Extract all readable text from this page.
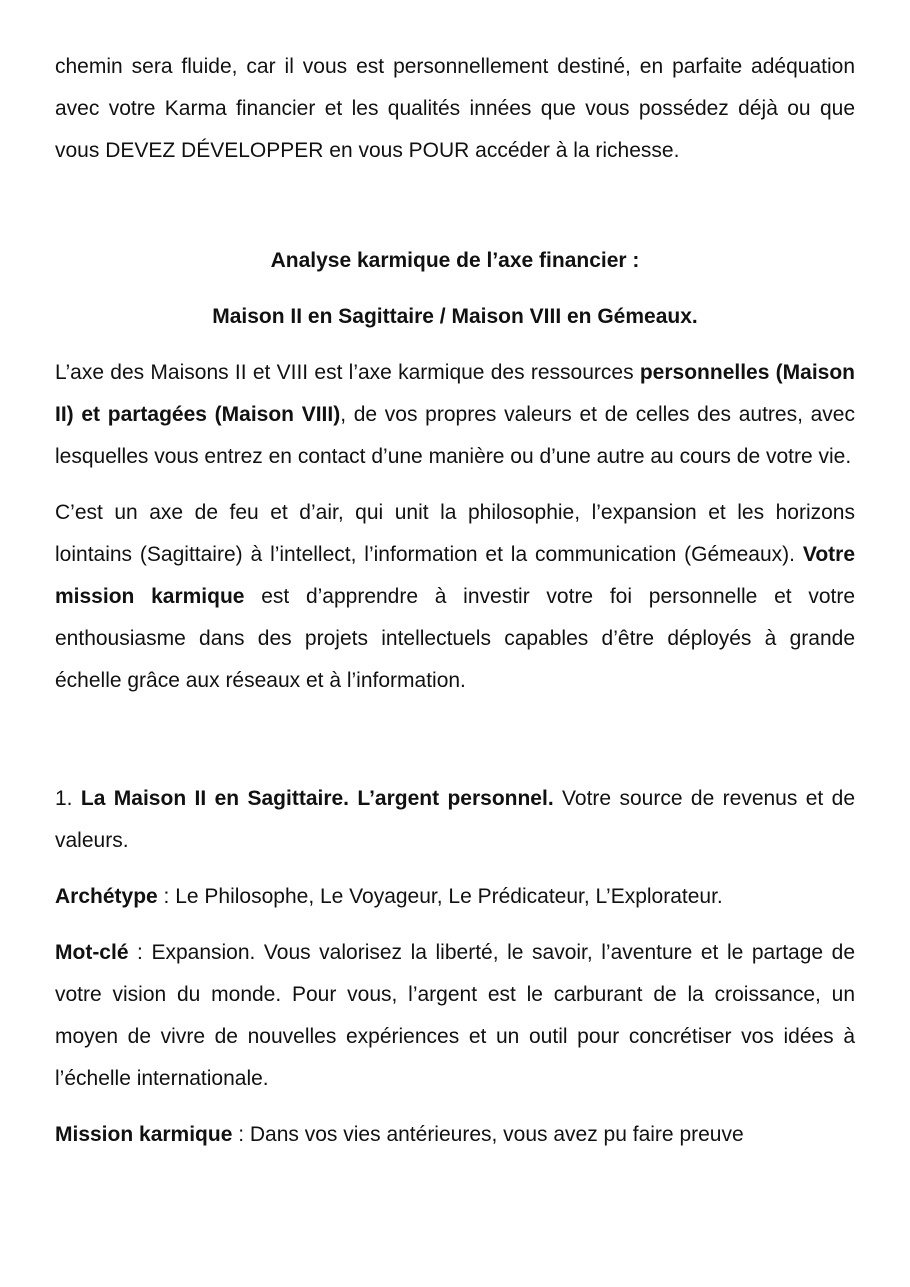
chemin sera fluide, car il vous est personnellement destiné, en parfaite adéquation avec votre Karma financier et les qualités innées que vous possédez déjà ou que vous DEVEZ DÉVELOPPER en vous POUR accéder à la richesse.

Analyse karmique de l’axe financier :
Maison II en Sagittaire / Maison VIII en Gémeaux.

L’axe des Maisons II et VIII est l’axe karmique des ressources personnelles (Maison II) et partagées (Maison VIII), de vos propres valeurs et de celles des autres, avec lesquelles vous entrez en contact d’une manière ou d’une autre au cours de votre vie.

C’est un axe de feu et d’air, qui unit la philosophie, l’expansion et les horizons lointains (Sagittaire) à l’intellect, l’information et la communication (Gémeaux). Votre mission karmique est d’apprendre à investir votre foi personnelle et votre enthousiasme dans des projets intellectuels capables d’être déployés à grande échelle grâce aux réseaux et à l’information.

1. La Maison II en Sagittaire. L’argent personnel. Votre source de revenus et de valeurs.

Archétype : Le Philosophe, Le Voyageur, Le Prédicateur, L’Explorateur.

Mot-clé : Expansion. Vous valorisez la liberté, le savoir, l’aventure et le partage de votre vision du monde. Pour vous, l’argent est le carburant de la croissance, un moyen de vivre de nouvelles expériences et un outil pour concrétiser vos idées à l’échelle internationale.

Mission karmique : Dans vos vies antérieures, vous avez pu faire preuve
